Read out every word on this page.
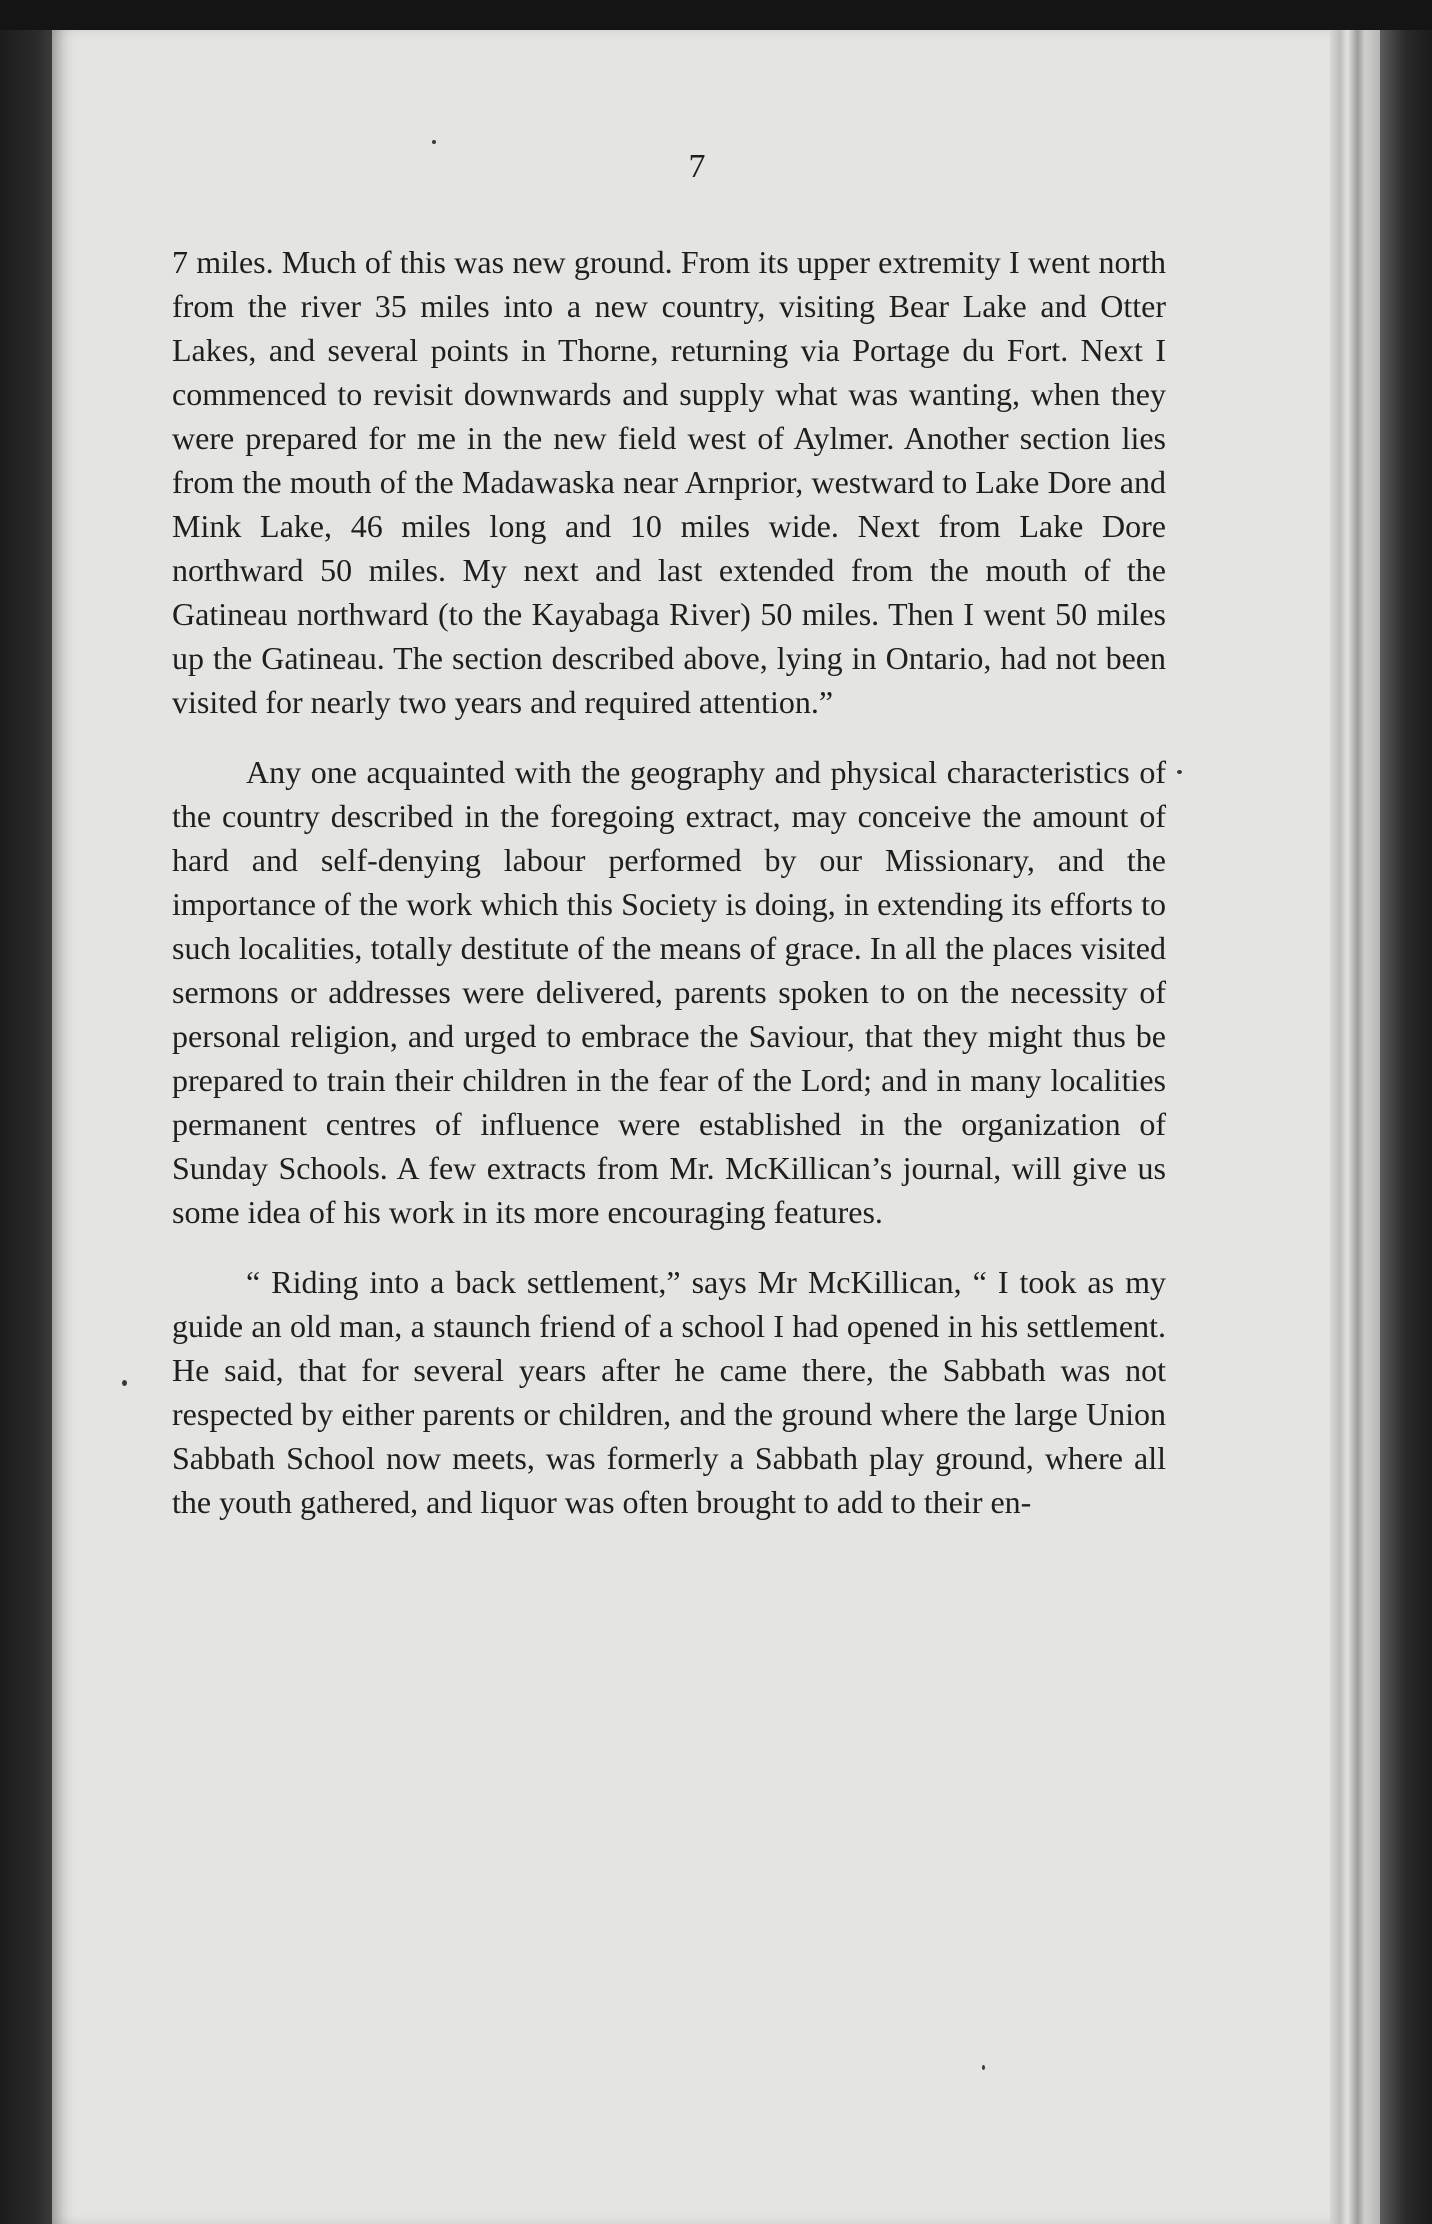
7

7 miles. Much of this was new ground. From its upper extremity I went north from the river 35 miles into a new country, visiting Bear Lake and Otter Lakes, and several points in Thorne, returning via Portage du Fort. Next I commenced to revisit downwards and supply what was wanting, when they were prepared for me in the new field west of Aylmer. Another section lies from the mouth of the Madawaska near Arnprior, westward to Lake Dore and Mink Lake, 46 miles long and 10 miles wide. Next from Lake Dore northward 50 miles. My next and last extended from the mouth of the Gatineau northward (to the Kayabaga River) 50 miles. Then I went 50 miles up the Gatineau. The section described above, lying in Ontario, had not been visited for nearly two years and required attention.”

Any one acquainted with the geography and physical characteristics of the country described in the foregoing extract, may conceive the amount of hard and self-denying labour performed by our Missionary, and the importance of the work which this Society is doing, in extending its efforts to such localities, totally destitute of the means of grace. In all the places visited sermons or addresses were delivered, parents spoken to on the necessity of personal religion, and urged to embrace the Saviour, that they might thus be prepared to train their children in the fear of the Lord; and in many localities permanent centres of influence were established in the organization of Sunday Schools. A few extracts from Mr. McKillican’s journal, will give us some idea of his work in its more encouraging features.

“ Riding into a back settlement,” says Mr McKillican, “ I took as my guide an old man, a staunch friend of a school I had opened in his settlement. He said, that for several years after he came there, the Sabbath was not respected by either parents or children, and the ground where the large Union Sabbath School now meets, was formerly a Sabbath play ground, where all the youth gathered, and liquor was often brought to add to their en-
